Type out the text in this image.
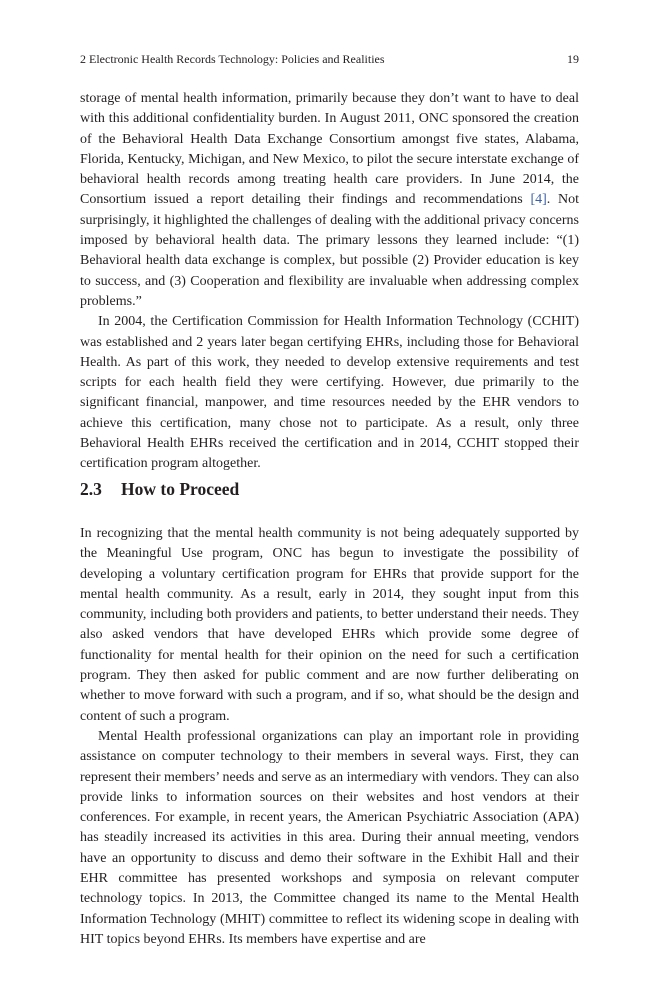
2 Electronic Health Records Technology: Policies and Realities	19

storage of mental health information, primarily because they don’t want to have to deal with this additional confidentiality burden. In August 2011, ONC sponsored the creation of the Behavioral Health Data Exchange Consortium amongst five states, Alabama, Florida, Kentucky, Michigan, and New Mexico, to pilot the secure interstate exchange of behavioral health records among treating health care providers. In June 2014, the Consortium issued a report detailing their findings and recommendations [4]. Not surprisingly, it highlighted the challenges of dealing with the additional privacy concerns imposed by behavioral health data. The primary lessons they learned include: “(1) Behavioral health data exchange is complex, but possible (2) Provider education is key to success, and (3) Cooperation and flexibility are invaluable when addressing complex problems.”

In 2004, the Certification Commission for Health Information Technology (CCHIT) was established and 2 years later began certifying EHRs, including those for Behavioral Health. As part of this work, they needed to develop extensive requirements and test scripts for each health field they were certifying. However, due primarily to the significant financial, manpower, and time resources needed by the EHR vendors to achieve this certification, many chose not to participate. As a result, only three Behavioral Health EHRs received the certification and in 2014, CCHIT stopped their certification program altogether.

2.3 How to Proceed

In recognizing that the mental health community is not being adequately supported by the Meaningful Use program, ONC has begun to investigate the possibility of developing a voluntary certification program for EHRs that provide support for the mental health community. As a result, early in 2014, they sought input from this community, including both providers and patients, to better understand their needs. They also asked vendors that have developed EHRs which provide some degree of functionality for mental health for their opinion on the need for such a certification program. They then asked for public comment and are now further deliberating on whether to move forward with such a program, and if so, what should be the design and content of such a program.

Mental Health professional organizations can play an important role in providing assistance on computer technology to their members in several ways. First, they can represent their members’ needs and serve as an intermediary with vendors. They can also provide links to information sources on their websites and host vendors at their conferences. For example, in recent years, the American Psychiatric Association (APA) has steadily increased its activities in this area. During their annual meeting, vendors have an opportunity to discuss and demo their software in the Exhibit Hall and their EHR committee has presented workshops and symposia on relevant computer technology topics. In 2013, the Committee changed its name to the Mental Health Information Technology (MHIT) committee to reflect its widening scope in dealing with HIT topics beyond EHRs. Its members have expertise and are
